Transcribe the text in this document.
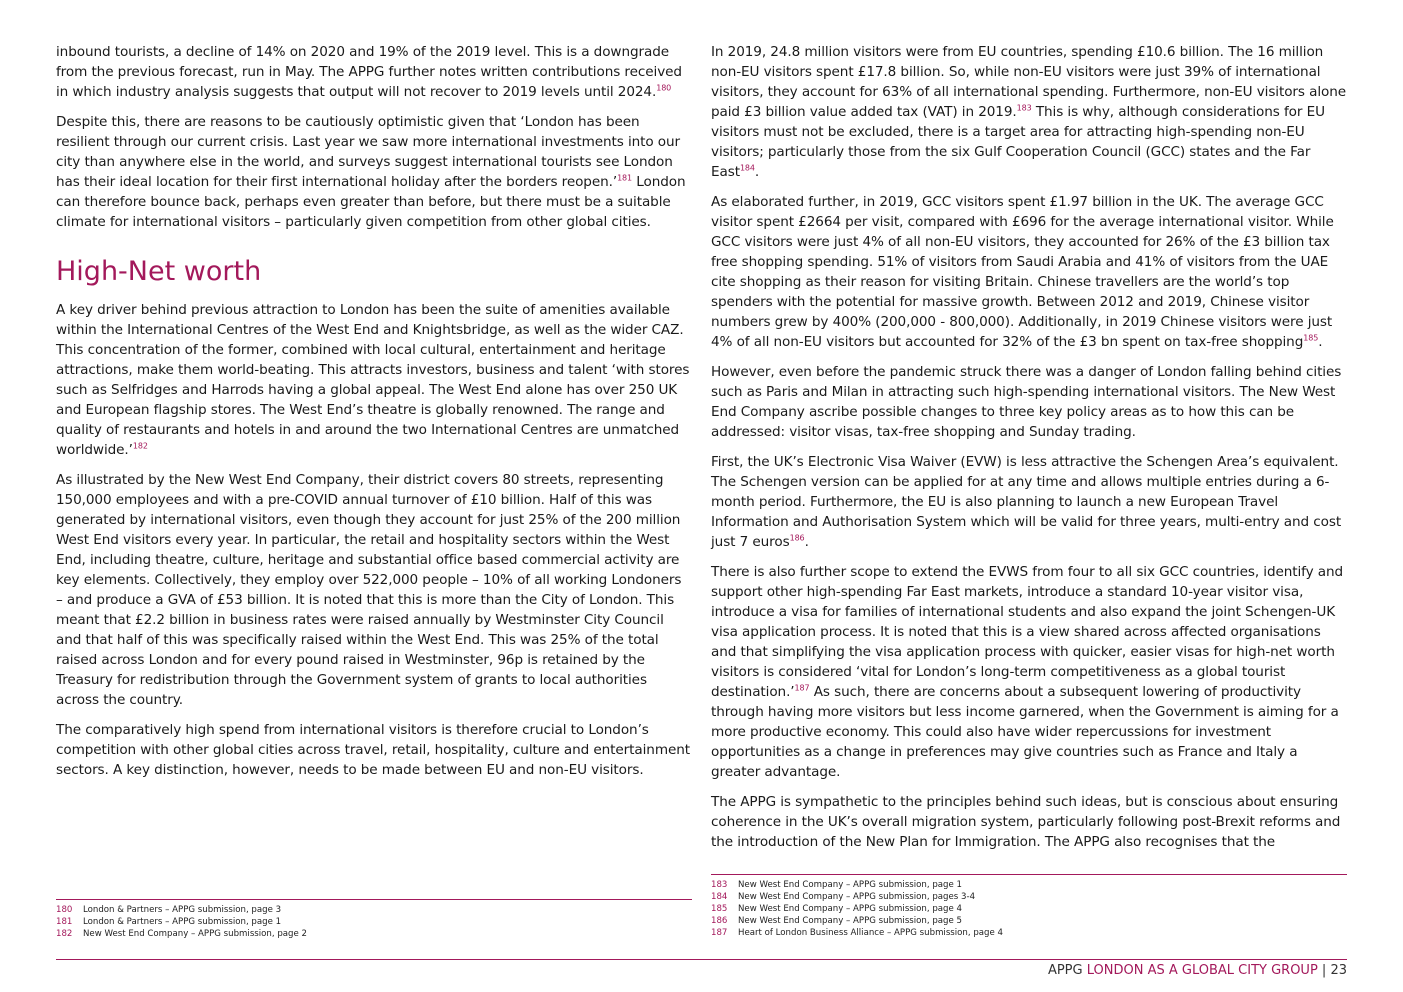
inbound tourists, a decline of 14% on 2020 and 19% of the 2019 level. This is a downgrade from the previous forecast, run in May. The APPG further notes written contributions received in which industry analysis suggests that output will not recover to 2019 levels until 2024.$^{180}$

Despite this, there are reasons to be cautiously optimistic given that ‘London has been resilient through our current crisis. Last year we saw more international investments into our city than anywhere else in the world, and surveys suggest international tourists see London has their ideal location for their first international holiday after the borders reopen.’$^{181}$ London can therefore bounce back, perhaps even greater than before, but there must be a suitable climate for international visitors – particularly given competition from other global cities.

High-Net worth

A key driver behind previous attraction to London has been the suite of amenities available within the International Centres of the West End and Knightsbridge, as well as the wider CAZ. This concentration of the former, combined with local cultural, entertainment and heritage attractions, make them world-beating. This attracts investors, business and talent ‘with stores such as Selfridges and Harrods having a global appeal. The West End alone has over 250 UK and European flagship stores. The West End’s theatre is globally renowned. The range and quality of restaurants and hotels in and around the two International Centres are unmatched worldwide.’$^{182}$

As illustrated by the New West End Company, their district covers 80 streets, representing 150,000 employees and with a pre-COVID annual turnover of £10 billion. Half of this was generated by international visitors, even though they account for just 25% of the 200 million West End visitors every year. In particular, the retail and hospitality sectors within the West End, including theatre, culture, heritage and substantial office based commercial activity are key elements. Collectively, they employ over 522,000 people – 10% of all working Londoners – and produce a GVA of £53 billion. It is noted that this is more than the City of London. This meant that £2.2 billion in business rates were raised annually by Westminster City Council and that half of this was specifically raised within the West End. This was 25% of the total raised across London and for every pound raised in Westminster, 96p is retained by the Treasury for redistribution through the Government system of grants to local authorities across the country.

The comparatively high spend from international visitors is therefore crucial to London’s competition with other global cities across travel, retail, hospitality, culture and entertainment sectors. A key distinction, however, needs to be made between EU and non-EU visitors.

In 2019, 24.8 million visitors were from EU countries, spending £10.6 billion. The 16 million non-EU visitors spent £17.8 billion. So, while non-EU visitors were just 39% of international visitors, they account for 63% of all international spending. Furthermore, non-EU visitors alone paid £3 billion value added tax (VAT) in 2019.$^{183}$ This is why, although considerations for EU visitors must not be excluded, there is a target area for attracting high-spending non-EU visitors; particularly those from the six Gulf Cooperation Council (GCC) states and the Far East$^{184}$.

As elaborated further, in 2019, GCC visitors spent £1.97 billion in the UK. The average GCC visitor spent £2664 per visit, compared with £696 for the average international visitor. While GCC visitors were just 4% of all non-EU visitors, they accounted for 26% of the £3 billion tax free shopping spending. 51% of visitors from Saudi Arabia and 41% of visitors from the UAE cite shopping as their reason for visiting Britain. Chinese travellers are the world’s top spenders with the potential for massive growth. Between 2012 and 2019, Chinese visitor numbers grew by 400% (200,000 - 800,000). Additionally, in 2019 Chinese visitors were just 4% of all non-EU visitors but accounted for 32% of the £3 bn spent on tax-free shopping$^{185}$.

However, even before the pandemic struck there was a danger of London falling behind cities such as Paris and Milan in attracting such high-spending international visitors. The New West End Company ascribe possible changes to three key policy areas as to how this can be addressed: visitor visas, tax-free shopping and Sunday trading.

First, the UK’s Electronic Visa Waiver (EVW) is less attractive the Schengen Area’s equivalent. The Schengen version can be applied for at any time and allows multiple entries during a 6-month period. Furthermore, the EU is also planning to launch a new European Travel Information and Authorisation System which will be valid for three years, multi-entry and cost just 7 euros$^{186}$.

There is also further scope to extend the EVWS from four to all six GCC countries, identify and support other high-spending Far East markets, introduce a standard 10-year visitor visa, introduce a visa for families of international students and also expand the joint Schengen-UK visa application process. It is noted that this is a view shared across affected organisations and that simplifying the visa application process with quicker, easier visas for high-net worth visitors is considered ‘vital for London’s long-term competitiveness as a global tourist destination.’$^{187}$ As such, there are concerns about a subsequent lowering of productivity through having more visitors but less income garnered, when the Government is aiming for a more productive economy. This could also have wider repercussions for investment opportunities as a change in preferences may give countries such as France and Italy a greater advantage.

The APPG is sympathetic to the principles behind such ideas, but is conscious about ensuring coherence in the UK’s overall migration system, particularly following post-Brexit reforms and the introduction of the New Plan for Immigration. The APPG also recognises that the

180	London & Partners – APPG submission, page 3
181	London & Partners – APPG submission, page 1
182	New West End Company – APPG submission, page 2
183	New West End Company – APPG submission, page 1
184	New West End Company – APPG submission, pages 3-4
185	New West End Company – APPG submission, page 4
186	New West End Company – APPG submission, page 5
187	Heart of London Business Alliance – APPG submission, page 4
APPG LONDON AS A GLOBAL CITY GROUP | 23
